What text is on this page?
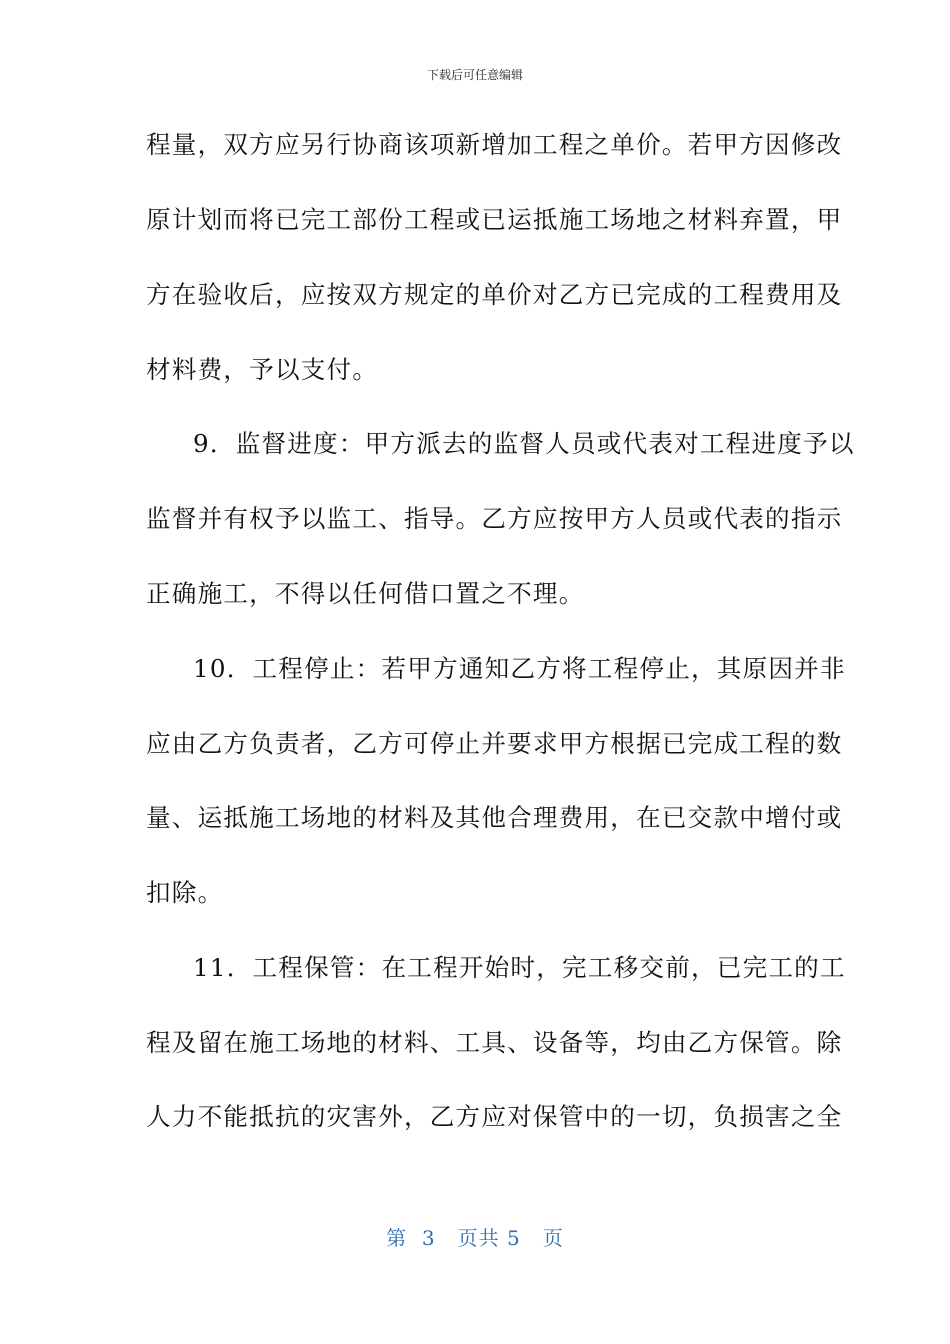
下载后可任意编辑
程量，双方应另行协商该项新增加工程之单价。若甲方因修改
原计划而将已完工部份工程或已运抵施工场地之材料弃置，甲
方在验收后，应按双方规定的单价对乙方已完成的工程费用及
材料费，予以支付。
9．监督进度：甲方派去的监督人员或代表对工程进度予以
监督并有权予以监工、指导。乙方应按甲方人员或代表的指示
正确施工，不得以任何借口置之不理。
10．工程停止：若甲方通知乙方将工程停止，其原因并非
应由乙方负责者，乙方可停止并要求甲方根据已完成工程的数
量、运抵施工场地的材料及其他合理费用，在已交款中增付或
扣除。
11．工程保管：在工程开始时，完工移交前，已完工的工
程及留在施工场地的材料、工具、设备等，均由乙方保管。除
人力不能抵抗的灾害外，乙方应对保管中的一切，负损害之全
第  3   页共 5   页
